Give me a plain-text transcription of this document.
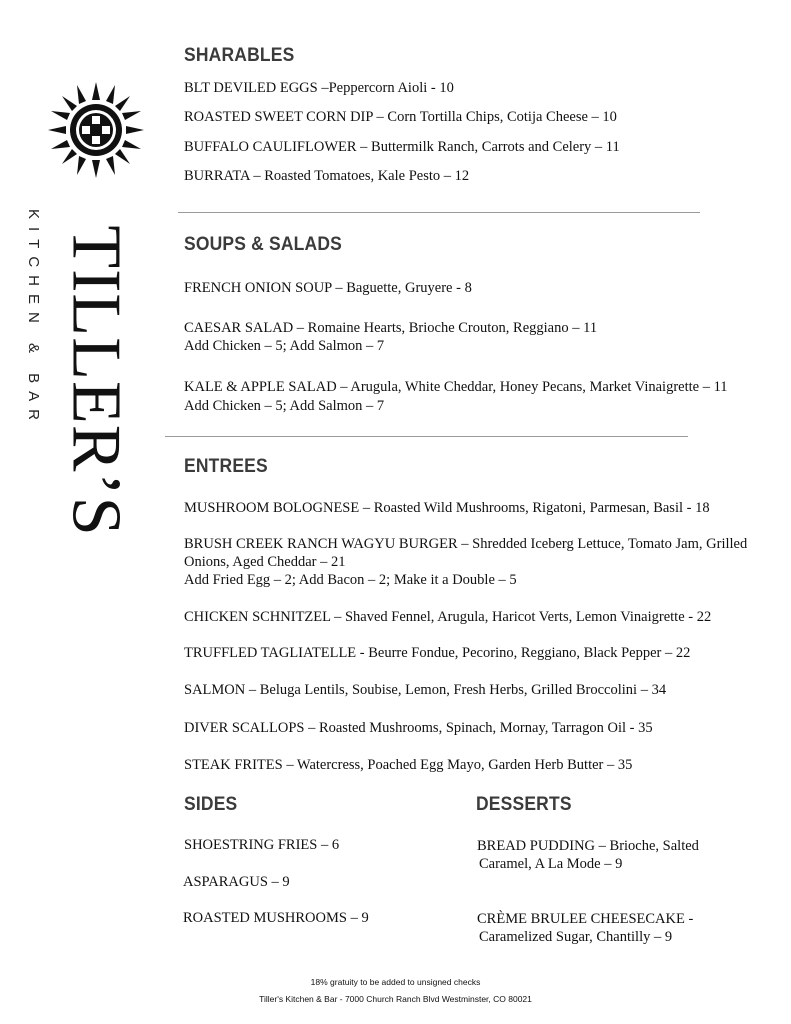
TILLER’S
KITCHEN & BAR
SHARABLES
BLT DEVILED EGGS –Peppercorn Aioli - 10
ROASTED SWEET CORN DIP – Corn Tortilla Chips, Cotija Cheese – 10
BUFFALO CAULIFLOWER – Buttermilk Ranch, Carrots and Celery – 11
BURRATA – Roasted Tomatoes, Kale Pesto – 12
SOUPS & SALADS
FRENCH ONION SOUP – Baguette, Gruyere - 8
CAESAR SALAD – Romaine Hearts, Brioche Crouton, Reggiano – 11
Add Chicken – 5; Add Salmon – 7
KALE & APPLE SALAD – Arugula, White Cheddar, Honey Pecans, Market Vinaigrette – 11
Add Chicken – 5; Add Salmon – 7
ENTREES
MUSHROOM BOLOGNESE – Roasted Wild Mushrooms, Rigatoni, Parmesan, Basil - 18
BRUSH CREEK RANCH WAGYU BURGER – Shredded Iceberg Lettuce, Tomato Jam, Grilled
Onions, Aged Cheddar – 21
Add Fried Egg – 2; Add Bacon – 2; Make it a Double – 5
CHICKEN SCHNITZEL – Shaved Fennel, Arugula, Haricot Verts, Lemon Vinaigrette - 22
TRUFFLED TAGLIATELLE - Beurre Fondue, Pecorino, Reggiano, Black Pepper – 22
SALMON – Beluga Lentils, Soubise, Lemon, Fresh Herbs, Grilled Broccolini – 34
DIVER SCALLOPS – Roasted Mushrooms, Spinach, Mornay, Tarragon Oil - 35
STEAK FRITES – Watercress, Poached Egg Mayo, Garden Herb Butter – 35
SIDES
SHOESTRING FRIES – 6
ASPARAGUS – 9
ROASTED MUSHROOMS – 9
DESSERTS
BREAD PUDDING – Brioche, Salted
Caramel, A La Mode – 9
CRÈME BRULEE CHEESECAKE -
Caramelized Sugar, Chantilly – 9
18% gratuity to be added to unsigned checks
Tiller's Kitchen & Bar - 7000 Church Ranch Blvd Westminster, CO 80021
